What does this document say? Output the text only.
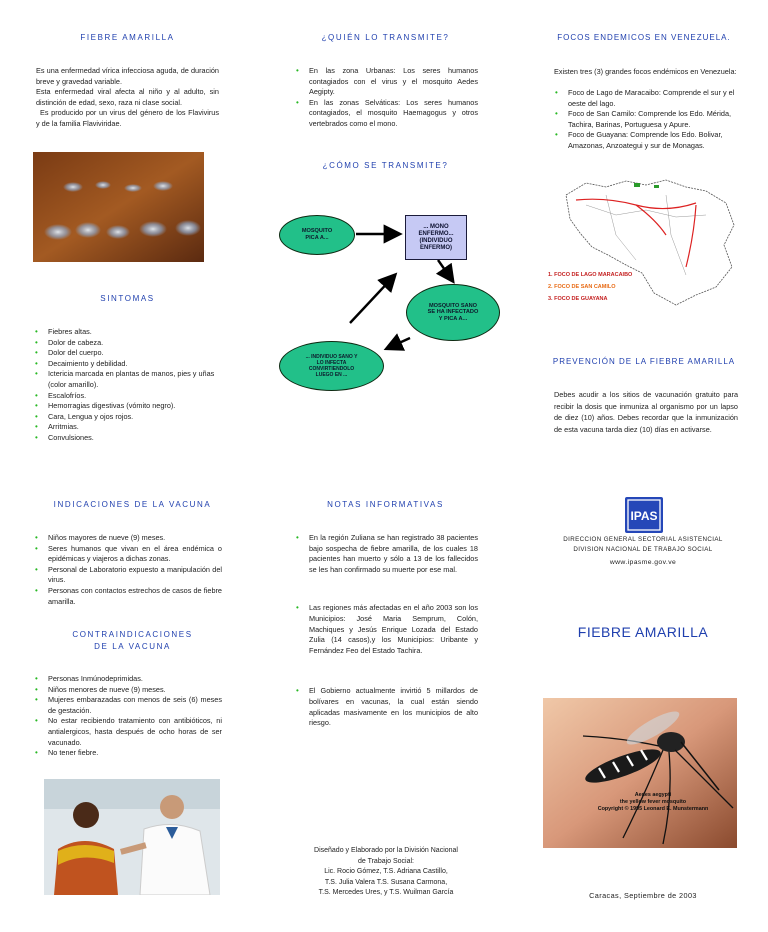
FIEBRE AMARILLA
Es una enfermedad vírica infecciosa aguda, de duración breve y gravedad variable.
Esta enfermedad viral afecta al niño y al adulto, sin distinción de edad, sexo, raza ni clase social.
Es producido por un virus del género de los Flavivirus y de la familia Flaviviridae.
SINTOMAS
• Fiebres altas.
• Dolor de cabeza.
• Dolor del cuerpo.
• Decaimiento y debilidad.
• Ictericia marcada en plantas de manos, pies y uñas (color amarillo).
• Escalofríos.
• Hemorragias digestivas (vómito negro).
• Cara, Lengua y ojos rojos.
• Arritmias.
• Convulsiones.
¿QUIÉN LO TRANSMITE?
• En las zona Urbanas: Los seres humanos contagiados con el virus y el mosquito Aedes Aegipty.
• En las zonas Selváticas: Los seres humanos contagiados, el mosquito Haemagogus y otros vertebrados como el mono.
¿CÓMO SE TRANSMITE?
MOSQUITO PICA A...
... MONO ENFERMO... (INDIVIDUO ENFERMO)
MOSQUITO SANO SE HA INFECTADO Y PICA A...
... INDIVIDUO SANO Y LO INFECTA CONVIRTIENDOLO LUEGO EN ...
FOCOS ENDEMICOS EN VENEZUELA.
Existen tres (3) grandes focos endémicos en Venezuela:
• Foco de Lago de Maracaibo: Comprende el sur y el oeste del lago.
• Foco de San Camilo: Comprende los Edo. Mérida, Tachira, Barinas, Portuguesa y Apure.
• Foco de Guayana: Comprende los Edo. Bolivar, Amazonas, Anzoategui y sur de Monagas.
1. FOCO DE LAGO MARACAIBO
2. FOCO DE SAN CAMILO
3. FOCO DE GUAYANA
PREVENCIÓN DE LA FIEBRE AMARILLA
Debes acudir a los sitios de vacunación gratuito para recibir la dosis que inmuniza al organismo por un lapso de diez (10) años. Debes recordar que la inmunización de esta vacuna tarda diez (10) días en activarse.
INDICACIONES DE LA VACUNA
• Niños mayores de nueve (9) meses.
• Seres humanos que vivan en el área endémica o epidémicas y viajeros a dichas zonas.
• Personal de Laboratorio expuesto a manipulación del virus.
• Personas con contactos estrechos de casos de fiebre amarilla.
CONTRAINDICACIONES
DE LA VACUNA
• Personas Inmúnodeprimidas.
• Niños menores de nueve (9) meses.
• Mujeres embarazadas con menos de seis (6) meses de gestación.
• No estar recibiendo tratamiento con antibióticos, ni antialergicos, hasta después de ocho horas de ser vacunado.
• No tener fiebre.
NOTAS INFORMATIVAS
• En la región Zuliana se han registrado 38 pacientes bajo sospecha de fiebre amarilla, de los cuales 18 pacientes han muerto y sólo a 13 de los fallecidos se les han confirmado su muerte por ese mal.
• Las regiones más afectadas en el año 2003 son los Municipios: José Maria Semprum, Colón, Machiques y Jesús Enrique Lozada del Estado Zulia (14 casos),y los Municipios: Uribante y Fernández Feo del Estado Tachira.
• El Gobierno actualmente invirtió 5 millardos de bolívares en vacunas, la cual están siendo aplicadas masivamente en los municipios de alto riesgo.
Diseñado y Elaborado por la División Nacional
de Trabajo Social:
Lic. Rocio Gómez, T.S. Adriana Castillo,
T.S. Julia Valera T.S. Susana Carmona,
T.S. Mercedes Ures, y T.S. Wuilman García
IPAS
DIRECCION GENERAL SECTORIAL ASISTENCIAL
DIVISION NACIONAL DE TRABAJO SOCIAL
www.ipasme.gov.ve
FIEBRE AMARILLA
Aedes aegypti
the yellow fever mosquito
Copyright © 1995 Leonard E. Munstermann
Caracas, Septiembre de 2003
